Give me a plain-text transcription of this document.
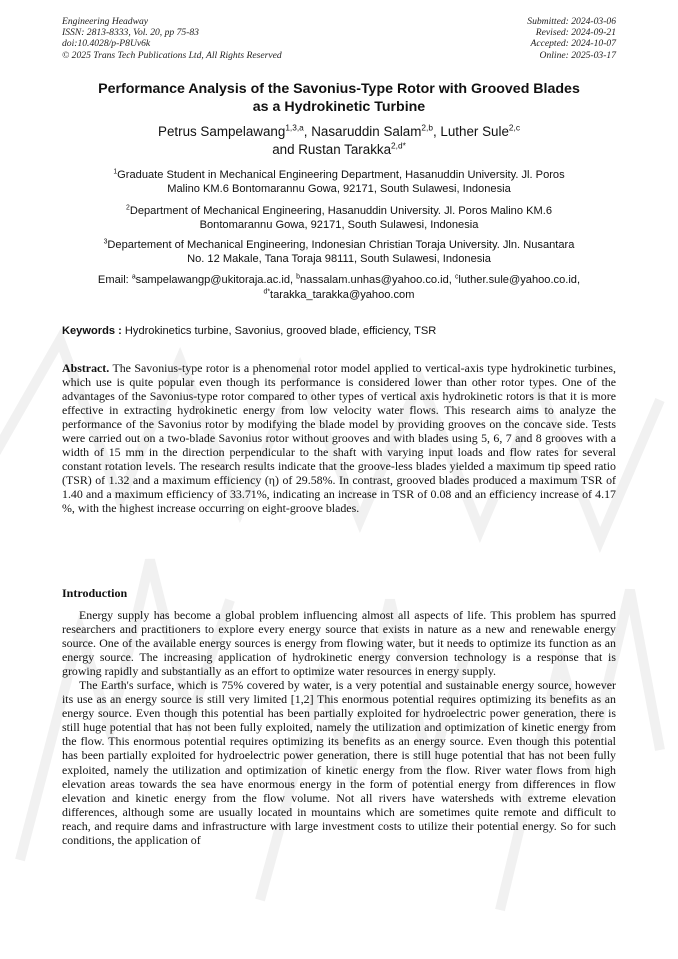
Engineering Headway
ISSN: 2813-8333, Vol. 20, pp 75-83
doi:10.4028/p-P8Uv6k
© 2025 Trans Tech Publications Ltd, All Rights Reserved
Submitted: 2024-03-06
Revised: 2024-09-21
Accepted: 2024-10-07
Online: 2025-03-17
Performance Analysis of the Savonius-Type Rotor with Grooved Blades
as a Hydrokinetic Turbine
Petrus Sampelawang$^{1,3,a}$, Nasaruddin Salam$^{2,b}$, Luther Sule$^{2,c}$
and Rustan Tarakka$^{2,d*}$
$^1$Graduate Student in Mechanical Engineering Department, Hasanuddin University. Jl. Poros
Malino KM.6 Bontomarannu Gowa, 92171, South Sulawesi, Indonesia
$^2$Department of Mechanical Engineering, Hasanuddin University. Jl. Poros Malino KM.6
Bontomarannu Gowa, 92171, South Sulawesi, Indonesia
$^3$Departement of Mechanical Engineering, Indonesian Christian Toraja University. Jln. Nusantara
No. 12 Makale, Tana Toraja 98111, South Sulawesi, Indonesia
Email: $^a$sampelawangp@ukitoraja.ac.id, $^b$nassalam.unhas@yahoo.co.id, $^c$luther.sule@yahoo.co.id,
$^{d*}$tarakka_tarakka@yahoo.com
Keywords : Hydrokinetics turbine, Savonius, grooved blade, efficiency, TSR
Abstract. The Savonius-type rotor is a phenomenal rotor model applied to vertical-axis type hydrokinetic turbines, which use is quite popular even though its performance is considered lower than other rotor types. One of the advantages of the Savonius-type rotor compared to other types of vertical axis hydrokinetic rotors is that it is more effective in extracting hydrokinetic energy from low velocity water flows. This research aims to analyze the performance of the Savonius rotor by modifying the blade model by providing grooves on the concave side. Tests were carried out on a two-blade Savonius rotor without grooves and with blades using 5, 6, 7 and 8 grooves with a width of 15 mm in the direction perpendicular to the shaft with varying input loads and flow rates for several constant rotation levels. The research results indicate that the groove-less blades yielded a maximum tip speed ratio (TSR) of 1.32 and a maximum efficiency (η) of 29.58%. In contrast, grooved blades produced a maximum TSR of 1.40 and a maximum efficiency of 33.71%, indicating an increase in TSR of 0.08 and an efficiency increase of 4.17 %, with the highest increase occurring on eight-groove blades.
Introduction

Energy supply has become a global problem influencing almost all aspects of life. This problem has spurred researchers and practitioners to explore every energy source that exists in nature as a new and renewable energy source. One of the available energy sources is energy from flowing water, but it needs to optimize its function as an energy source. The increasing application of hydrokinetic energy conversion technology is a response that is growing rapidly and substantially as an effort to optimize water resources in energy supply.

The Earth's surface, which is 75% covered by water, is a very potential and sustainable energy source, however its use as an energy source is still very limited [1,2] This enormous potential requires optimizing its benefits as an energy source. Even though this potential has been partially exploited for hydroelectric power generation, there is still huge potential that has not been fully exploited, namely the utilization and optimization of kinetic energy from the flow. This enormous potential requires optimizing its benefits as an energy source. Even though this potential has been partially exploited for hydroelectric power generation, there is still huge potential that has not been fully exploited, namely the utilization and optimization of kinetic energy from the flow. River water flows from high elevation areas towards the sea have enormous energy in the form of potential energy from differences in flow elevation and kinetic energy from the flow volume. Not all rivers have watersheds with extreme elevation differences, although some are usually located in mountains which are sometimes quite remote and difficult to reach, and require dams and infrastructure with large investment costs to utilize their potential energy. So for such conditions, the application of
